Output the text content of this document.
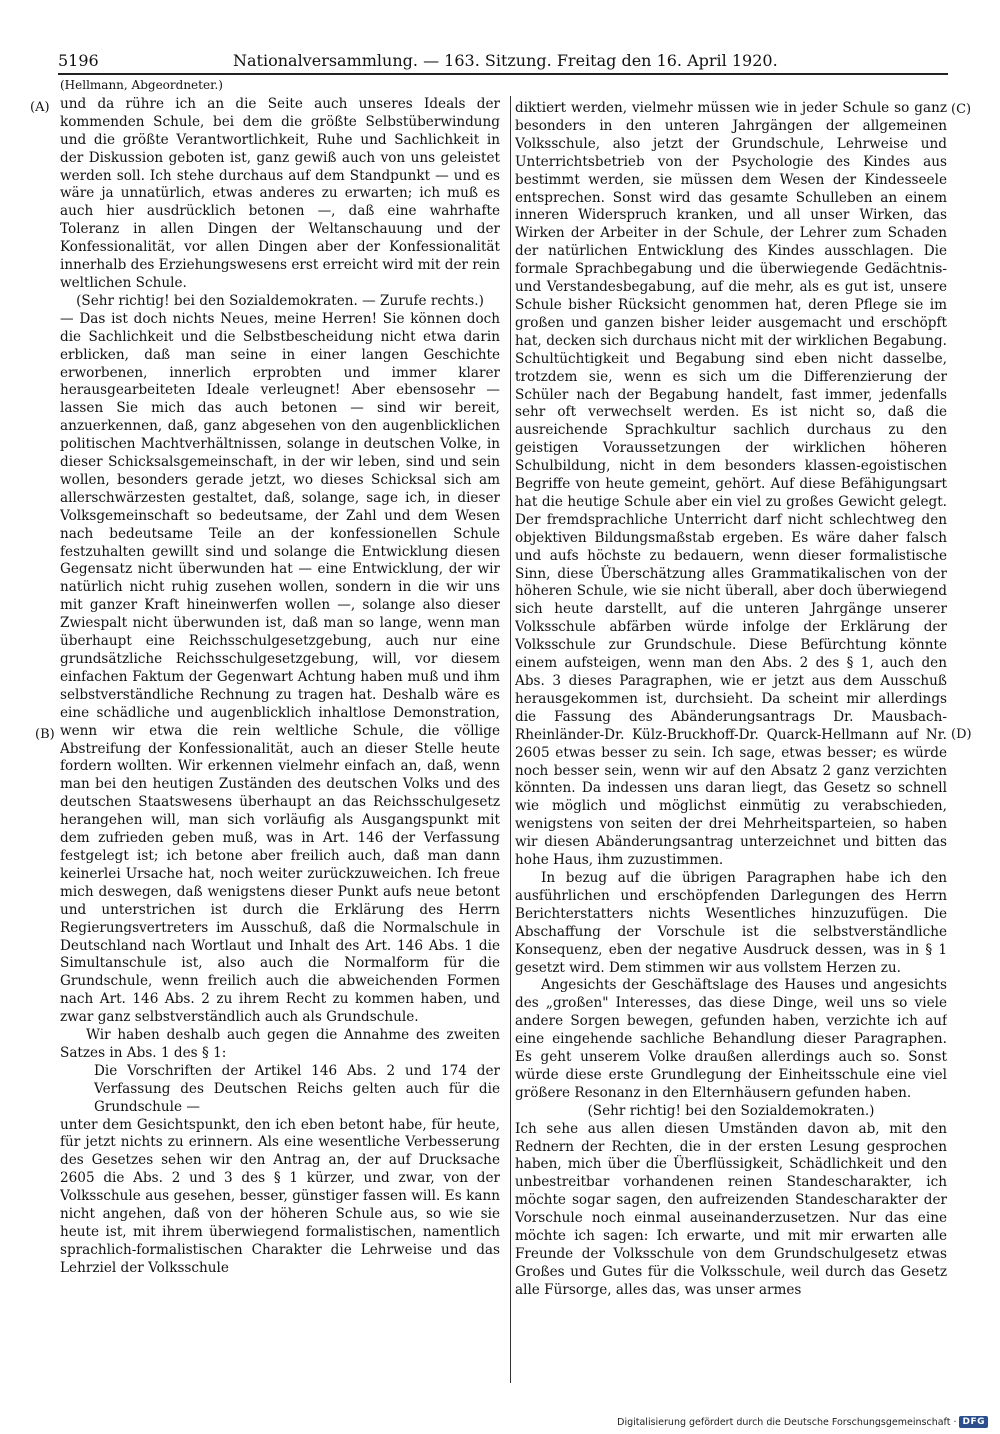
5196	Nationalversammlung. — 163. Sitzung. Freitag den 16. April 1920.
(A)
(B)
(C)
(D)
(Hellmann, Abgeordneter.)

und da rühre ich an die Seite auch unseres Ideals der kommenden Schule, bei dem die größte Selbstüberwindung und die größte Verantwortlichkeit, Ruhe und Sachlichkeit in der Diskussion geboten ist, ganz gewiß auch von uns geleistet werden soll. Ich stehe durchaus auf dem Standpunkt — und es wäre ja unnatürlich, etwas anderes zu erwarten; ich muß es auch hier ausdrücklich betonen —, daß eine wahrhafte Toleranz in allen Dingen der Weltanschauung und der Konfessionalität, vor allen Dingen aber der Konfessionalität innerhalb des Erziehungswesens erst erreicht wird mit der rein weltlichen Schule.

(Sehr richtig! bei den Sozialdemokraten. — Zurufe rechts.)

— Das ist doch nichts Neues, meine Herren! Sie können doch die Sachlichkeit und die Selbstbescheidung nicht etwa darin erblicken, daß man seine in einer langen Geschichte erworbenen, innerlich erprobten und immer klarer herausgearbeiteten Ideale verleugnet! Aber ebensosehr — lassen Sie mich das auch betonen — sind wir bereit, anzuerkennen, daß, ganz abgesehen von den augenblicklichen politischen Machtverhältnissen, solange in deutschen Volke, in dieser Schicksalsgemeinschaft, in der wir leben, sind und sein wollen, besonders gerade jetzt, wo dieses Schicksal sich am allerschwärzesten gestaltet, daß, solange, sage ich, in dieser Volksgemeinschaft so bedeutsame, der Zahl und dem Wesen nach bedeutsame Teile an der konfessionellen Schule festzuhalten gewillt sind und solange die Entwicklung diesen Gegensatz nicht überwunden hat — eine Entwicklung, der wir natürlich nicht ruhig zusehen wollen, sondern in die wir uns mit ganzer Kraft hineinwerfen wollen —, solange also dieser Zwiespalt nicht überwunden ist, daß man so lange, wenn man überhaupt eine Reichsschulgesetzgebung, auch nur eine grundsätzliche Reichsschulgesetzgebung, will, vor diesem einfachen Faktum der Gegenwart Achtung haben muß und ihm selbstverständliche Rechnung zu tragen hat. Deshalb wäre es eine schädliche und augenblicklich inhaltlose Demonstration, wenn wir etwa die rein weltliche Schule, die völlige Abstreifung der Konfessionalität, auch an dieser Stelle heute fordern wollten. Wir erkennen vielmehr einfach an, daß, wenn man bei den heutigen Zuständen des deutschen Volks und des deutschen Staatswesens überhaupt an das Reichsschulgesetz herangehen will, man sich vorläufig als Ausgangspunkt mit dem zufrieden geben muß, was in Art. 146 der Verfassung festgelegt ist; ich betone aber freilich auch, daß man dann keinerlei Ursache hat, noch weiter zurückzuweichen. Ich freue mich deswegen, daß wenigstens dieser Punkt aufs neue betont und unterstrichen ist durch die Erklärung des Herrn Regierungsvertreters im Ausschuß, daß die Normalschule in Deutschland nach Wortlaut und Inhalt des Art. 146 Abs. 1 die Simultanschule ist, also auch die Normalform für die Grundschule, wenn freilich auch die abweichenden Formen nach Art. 146 Abs. 2 zu ihrem Recht zu kommen haben, und zwar ganz selbstverständlich auch als Grundschule.

Wir haben deshalb auch gegen die Annahme des zweiten Satzes in Abs. 1 des § 1:

Die Vorschriften der Artikel 146 Abs. 2 und 174 der Verfassung des Deutschen Reichs gelten auch für die Grundschule —

unter dem Gesichtspunkt, den ich eben betont habe, für heute, für jetzt nichts zu erinnern. Als eine wesentliche Verbesserung des Gesetzes sehen wir den Antrag an, der auf Drucksache 2605 die Abs. 2 und 3 des § 1 kürzer, und zwar, von der Volksschule aus gesehen, besser, günstiger fassen will. Es kann nicht angehen, daß von der höheren Schule aus, so wie sie heute ist, mit ihrem überwiegend formalistischen, namentlich sprachlich-formalistischen Charakter die Lehrweise und das Lehrziel der Volksschule

diktiert werden, vielmehr müssen wie in jeder Schule so ganz besonders in den unteren Jahrgängen der allgemeinen Volksschule, also jetzt der Grundschule, Lehrweise und Unterrichtsbetrieb von der Psychologie des Kindes aus bestimmt werden, sie müssen dem Wesen der Kindesseele entsprechen. Sonst wird das gesamte Schulleben an einem inneren Widerspruch kranken, und all unser Wirken, das Wirken der Arbeiter in der Schule, der Lehrer zum Schaden der natürlichen Entwicklung des Kindes ausschlagen. Die formale Sprachbegabung und die überwiegende Gedächtnis- und Verstandesbegabung, auf die mehr, als es gut ist, unsere Schule bisher Rücksicht genommen hat, deren Pflege sie im großen und ganzen bisher leider ausgemacht und erschöpft hat, decken sich durchaus nicht mit der wirklichen Begabung. Schultüchtigkeit und Begabung sind eben nicht dasselbe, trotzdem sie, wenn es sich um die Differenzierung der Schüler nach der Begabung handelt, fast immer, jedenfalls sehr oft verwechselt werden. Es ist nicht so, daß die ausreichende Sprachkultur sachlich durchaus zu den geistigen Voraussetzungen der wirklichen höheren Schulbildung, nicht in dem besonders klassen-egoistischen Begriffe von heute gemeint, gehört. Auf diese Befähigungsart hat die heutige Schule aber ein viel zu großes Gewicht gelegt. Der fremdsprachliche Unterricht darf nicht schlechtweg den objektiven Bildungsmaßstab ergeben. Es wäre daher falsch und aufs höchste zu bedauern, wenn dieser formalistische Sinn, diese Überschätzung alles Grammatikalischen von der höheren Schule, wie sie nicht überall, aber doch überwiegend sich heute darstellt, auf die unteren Jahrgänge unserer Volksschule abfärben würde infolge der Erklärung der Volksschule zur Grundschule. Diese Befürchtung könnte einem aufsteigen, wenn man den Abs. 2 des § 1, auch den Abs. 3 dieses Paragraphen, wie er jetzt aus dem Ausschuß herausgekommen ist, durchsieht. Da scheint mir allerdings die Fassung des Abänderungsantrags Dr. Mausbach-Rheinländer-Dr. Külz-Bruckhoff-Dr. Quarck-Hellmann auf Nr. 2605 etwas besser zu sein. Ich sage, etwas besser; es würde noch besser sein, wenn wir auf den Absatz 2 ganz verzichten könnten. Da indessen uns daran liegt, das Gesetz so schnell wie möglich und möglichst einmütig zu verabschieden, wenigstens von seiten der drei Mehrheitsparteien, so haben wir diesen Abänderungsantrag unterzeichnet und bitten das hohe Haus, ihm zuzustimmen.

In bezug auf die übrigen Paragraphen habe ich den ausführlichen und erschöpfenden Darlegungen des Herrn Berichterstatters nichts Wesentliches hinzuzufügen. Die Abschaffung der Vorschule ist die selbstverständliche Konsequenz, eben der negative Ausdruck dessen, was in § 1 gesetzt wird. Dem stimmen wir aus vollstem Herzen zu.

Angesichts der Geschäftslage des Hauses und angesichts des „großen" Interesses, das diese Dinge, weil uns so viele andere Sorgen bewegen, gefunden haben, verzichte ich auf eine eingehende sachliche Behandlung dieser Paragraphen. Es geht unserem Volke draußen allerdings auch so. Sonst würde diese erste Grundlegung der Einheitsschule eine viel größere Resonanz in den Elternhäusern gefunden haben.

(Sehr richtig! bei den Sozialdemokraten.)

Ich sehe aus allen diesen Umständen davon ab, mit den Rednern der Rechten, die in der ersten Lesung gesprochen haben, mich über die Überflüssigkeit, Schädlichkeit und den unbestreitbar vorhandenen reinen Standescharakter, ich möchte sogar sagen, den aufreizenden Standescharakter der Vorschule noch einmal auseinanderzusetzen. Nur das eine möchte ich sagen: Ich erwarte, und mit mir erwarten alle Freunde der Volksschule von dem Grundschulgesetz etwas Großes und Gutes für die Volksschule, weil durch das Gesetz alle Fürsorge, alles das, was unser armes

Digitalisierung gefördert durch die Deutsche Forschungsgemeinschaft · DFG
